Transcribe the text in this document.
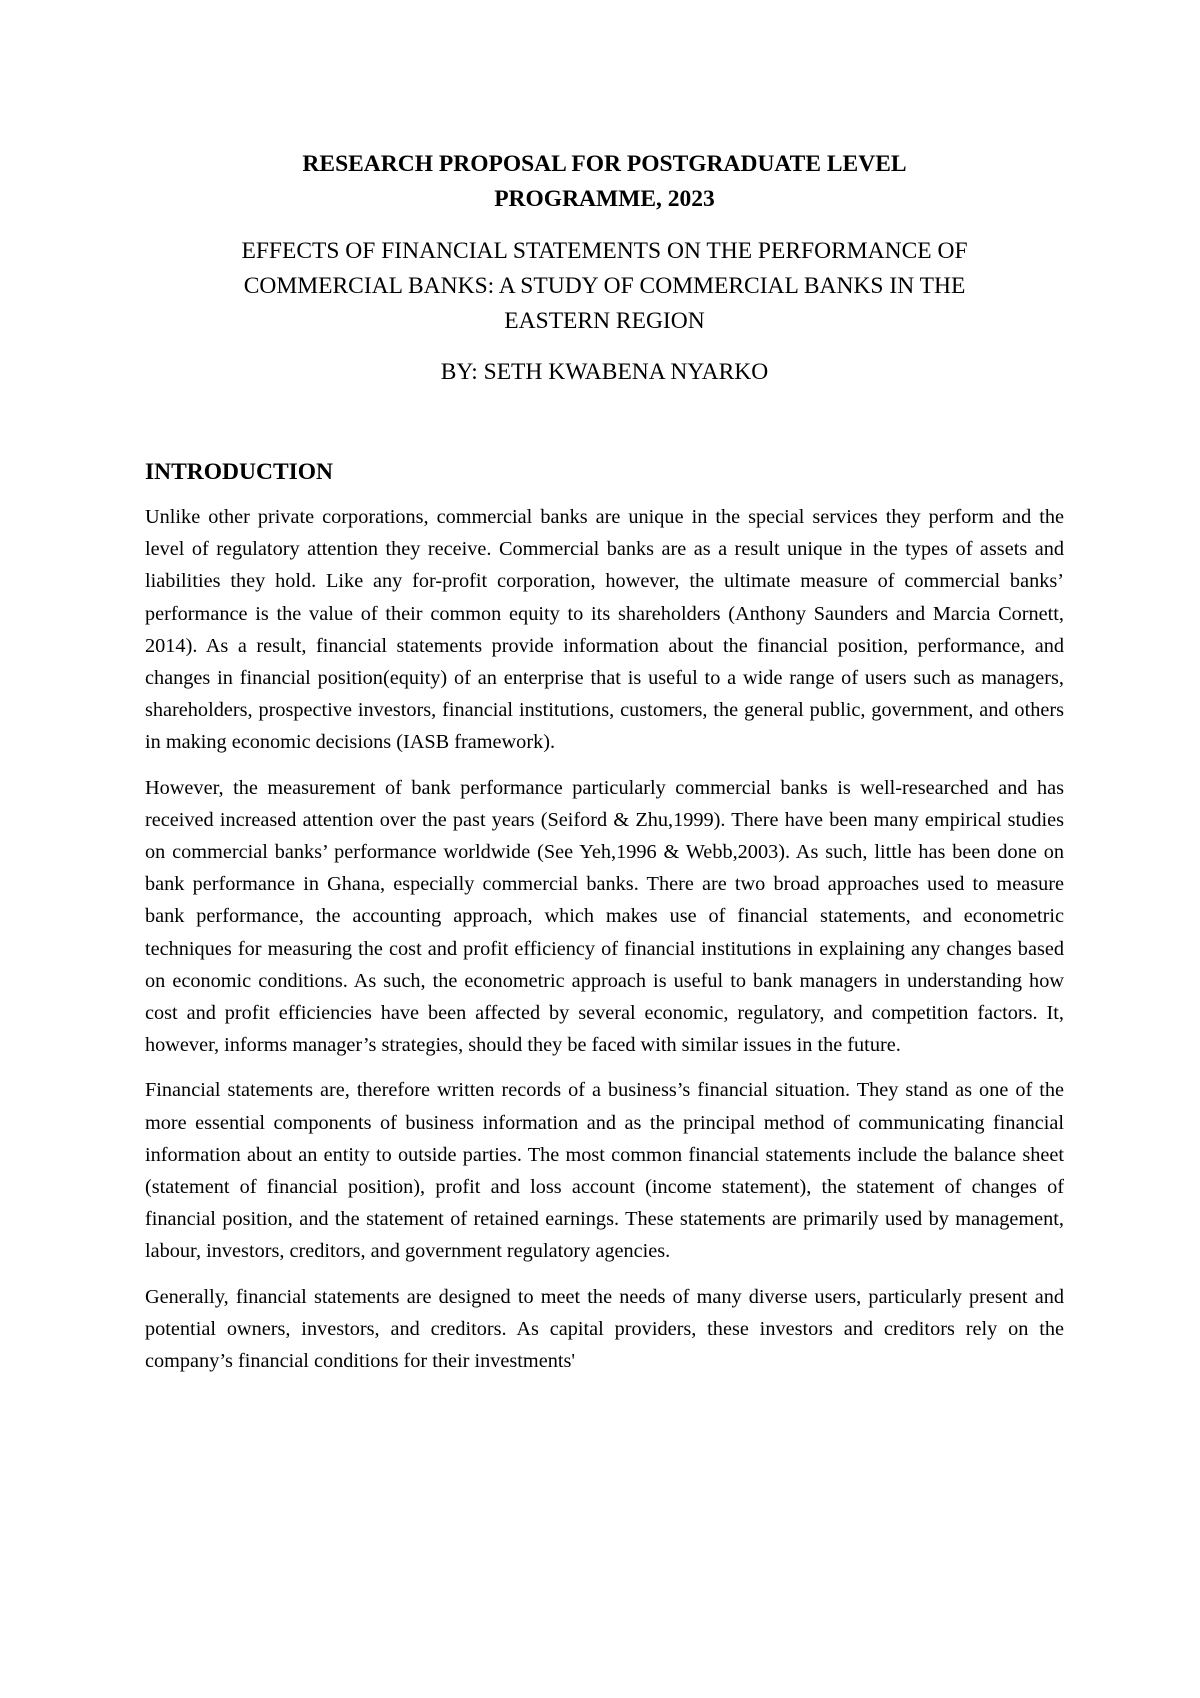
RESEARCH PROPOSAL FOR POSTGRADUATE LEVEL
PROGRAMME, 2023

EFFECTS OF FINANCIAL STATEMENTS ON THE PERFORMANCE OF
COMMERCIAL BANKS: A STUDY OF COMMERCIAL BANKS IN THE
EASTERN REGION

BY: SETH KWABENA NYARKO

INTRODUCTION

Unlike other private corporations, commercial banks are unique in the special services they perform and the level of regulatory attention they receive. Commercial banks are as a result unique in the types of assets and liabilities they hold. Like any for-profit corporation, however, the ultimate measure of commercial banks’ performance is the value of their common equity to its shareholders (Anthony Saunders and Marcia Cornett, 2014). As a result, financial statements provide information about the financial position, performance, and changes in financial position(equity) of an enterprise that is useful to a wide range of users such as managers, shareholders, prospective investors, financial institutions, customers, the general public, government, and others in making economic decisions (IASB framework).

However, the measurement of bank performance particularly commercial banks is well-researched and has received increased attention over the past years (Seiford & Zhu,1999). There have been many empirical studies on commercial banks’ performance worldwide (See Yeh,1996 & Webb,2003). As such, little has been done on bank performance in Ghana, especially commercial banks. There are two broad approaches used to measure bank performance, the accounting approach, which makes use of financial statements, and econometric techniques for measuring the cost and profit efficiency of financial institutions in explaining any changes based on economic conditions. As such, the econometric approach is useful to bank managers in understanding how cost and profit efficiencies have been affected by several economic, regulatory, and competition factors. It, however, informs manager’s strategies, should they be faced with similar issues in the future.

Financial statements are, therefore written records of a business’s financial situation. They stand as one of the more essential components of business information and as the principal method of communicating financial information about an entity to outside parties. The most common financial statements include the balance sheet (statement of financial position), profit and loss account (income statement), the statement of changes of financial position, and the statement of retained earnings. These statements are primarily used by management, labour, investors, creditors, and government regulatory agencies.

Generally, financial statements are designed to meet the needs of many diverse users, particularly present and potential owners, investors, and creditors. As capital providers, these investors and creditors rely on the company’s financial conditions for their investments'
